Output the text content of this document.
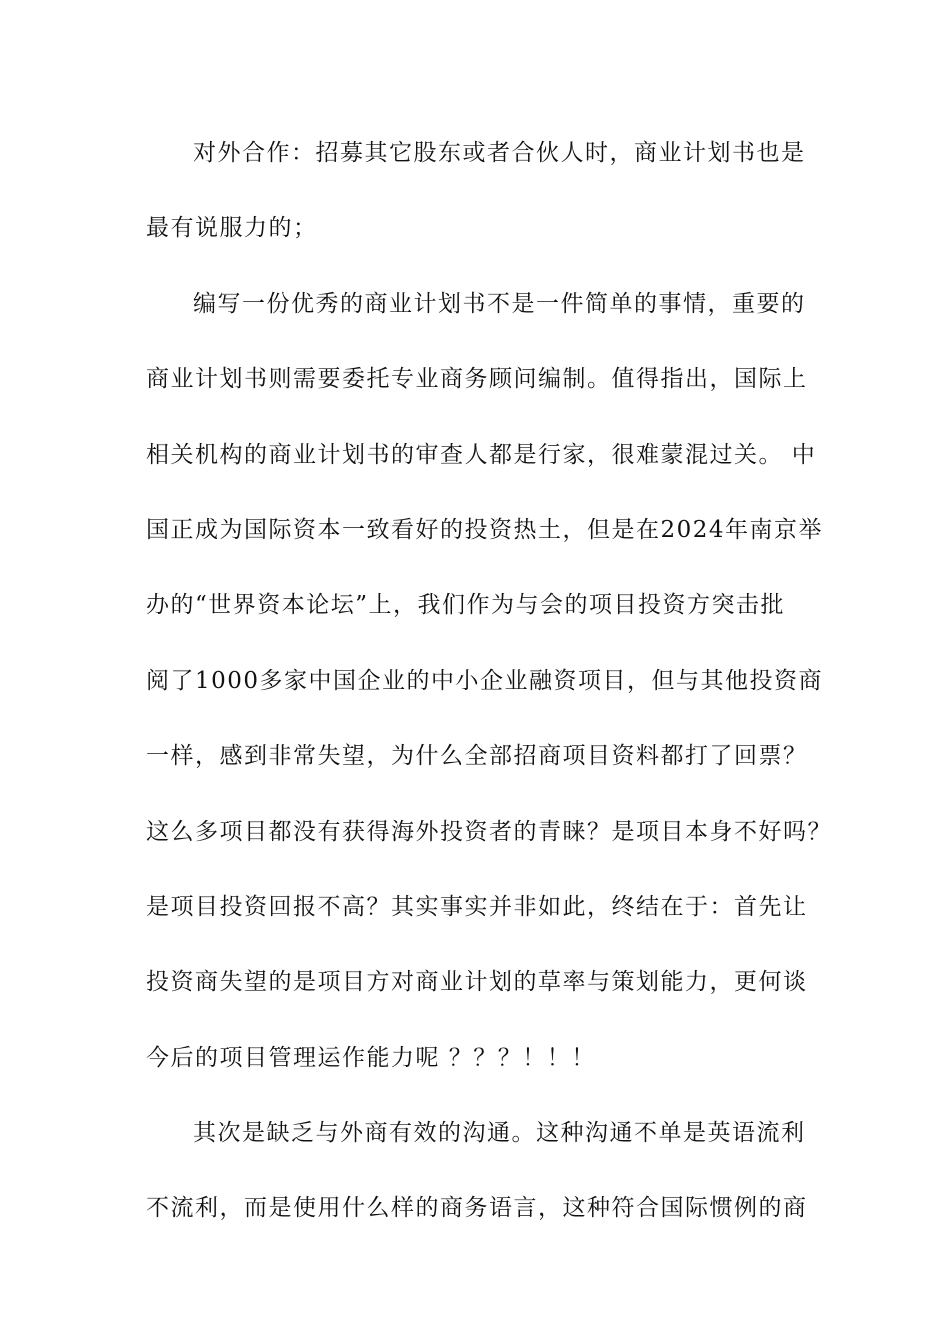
对外合作：招募其它股东或者合伙人时，商业计划书也是
最有说服力的；
编写一份优秀的商业计划书不是一件简单的事情，重要的
商业计划书则需要委托专业商务顾问编制。值得指出，国际上
相关机构的商业计划书的审查人都是行家，很难蒙混过关。 中
国正成为国际资本一致看好的投资热土，但是在2024年南京举
办的“世界资本论坛”上，我们作为与会的项目投资方突击批
阅了1000多家中国企业的中小企业融资项目，但与其他投资商
一样，感到非常失望，为什么全部招商项目资料都打了回票？
这么多项目都没有获得海外投资者的青睐？是项目本身不好吗？
是项目投资回报不高？其实事实并非如此，终结在于：首先让
投资商失望的是项目方对商业计划的草率与策划能力，更何谈
今后的项目管理运作能力呢 ？？？！！！
其次是缺乏与外商有效的沟通。这种沟通不单是英语流利
不流利，而是使用什么样的商务语言，这种符合国际惯例的商
